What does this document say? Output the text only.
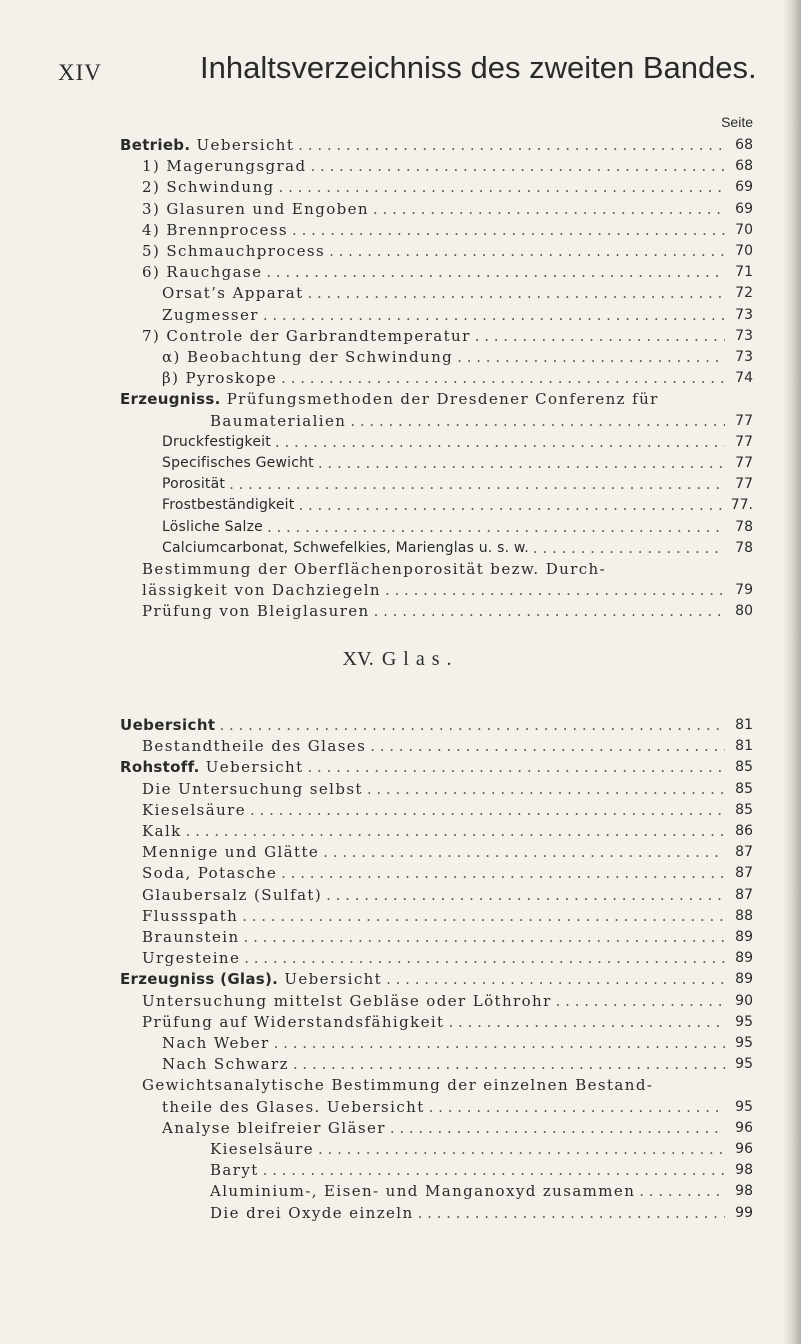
XIV	Inhaltsverzeichniss des zweiten Bandes.
Seite
Betrieb. Uebersicht . . .	68
1) Magerungsgrad . . .	68
2) Schwindung . . .	69
3) Glasuren und Engoben . . .	69
4) Brennprocess . . .	70
5) Schmauchprocess . . .	70
6) Rauchgase . . .	71
Orsat’s Apparat . . .	72
Zugmesser . . .	73
7) Controle der Garbrandtemperatur . . .	73
α) Beobachtung der Schwindung . . .	73
β) Pyroskope . . .	74
Erzeugniss. Prüfungsmethoden der Dresdener Conferenz für
Baumaterialien . . .	77
Druckfestigkeit . . .	77
Specifisches Gewicht . . .	77
Porosität . . .	77
Frostbeständigkeit . . .	77.
Lösliche Salze . . .	78
Calciumcarbonat, Schwefelkies, Marienglas u. s. w. . . .	78
Bestimmung der Oberflächenporosität bezw. Durch-
lässigkeit von Dachziegeln . . .	79
Prüfung von Bleiglasuren . . .	80
XV. Glas.
Uebersicht . . .	81
Bestandtheile des Glases . . .	81
Rohstoff. Uebersicht . . .	85
Die Untersuchung selbst . . .	85
Kieselsäure . . .	85
Kalk . . .	86
Mennige und Glätte . . .	87
Soda, Potasche . . .	87
Glaubersalz (Sulfat) . . .	87
Flussspath . . .	88
Braunstein . . .	89
Urgesteine . . .	89
Erzeugniss (Glas). Uebersicht . . .	89
Untersuchung mittelst Gebläse oder Löthrohr . . .	90
Prüfung auf Widerstandsfähigkeit . . .	95
Nach Weber . . .	95
Nach Schwarz . . .	95
Gewichtsanalytische Bestimmung der einzelnen Bestand-
theile des Glases. Uebersicht . . .	95
Analyse bleifreier Gläser . . .	96
Kieselsäure . . .	96
Baryt . . .	98
Aluminium-, Eisen- und Manganoxyd zusammen . . .	98
Die drei Oxyde einzeln . . .	99
